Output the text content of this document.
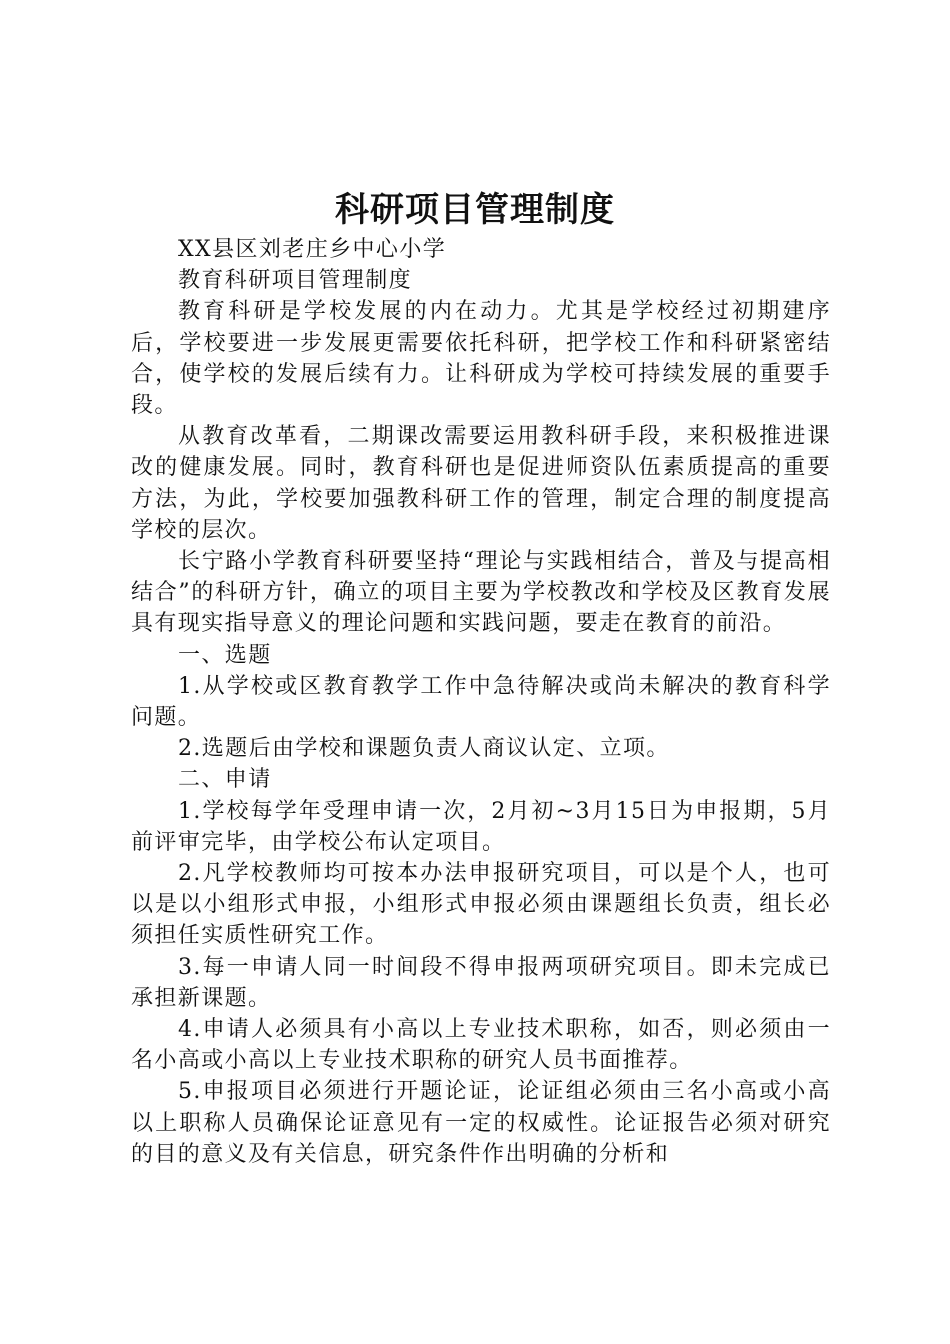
科研项目管理制度

XX县区刘老庄乡中心小学

教育科研项目管理制度

教育科研是学校发展的内在动力。尤其是学校经过初期建序后，学校要进一步发展更需要依托科研，把学校工作和科研紧密结合，使学校的发展后续有力。让科研成为学校可持续发展的重要手段。

从教育改革看，二期课改需要运用教科研手段，来积极推进课改的健康发展。同时，教育科研也是促进师资队伍素质提高的重要方法，为此，学校要加强教科研工作的管理，制定合理的制度提高学校的层次。

长宁路小学教育科研要坚持“理论与实践相结合，普及与提高相结合”的科研方针，确立的项目主要为学校教改和学校及区教育发展具有现实指导意义的理论问题和实践问题，要走在教育的前沿。

一、选题

1.从学校或区教育教学工作中急待解决或尚未解决的教育科学问题。

2.选题后由学校和课题负责人商议认定、立项。

二、申请

1.学校每学年受理申请一次，2月初~3月15日为申报期，5月前评审完毕，由学校公布认定项目。

2.凡学校教师均可按本办法申报研究项目，可以是个人，也可以是以小组形式申报，小组形式申报必须由课题组长负责，组长必须担任实质性研究工作。

3.每一申请人同一时间段不得申报两项研究项目。即未完成已承担新课题。

4.申请人必须具有小高以上专业技术职称，如否，则必须由一名小高或小高以上专业技术职称的研究人员书面推荐。

5.申报项目必须进行开题论证，论证组必须由三名小高或小高以上职称人员确保论证意见有一定的权威性。论证报告必须对研究的目的意义及有关信息，研究条件作出明确的分析和
